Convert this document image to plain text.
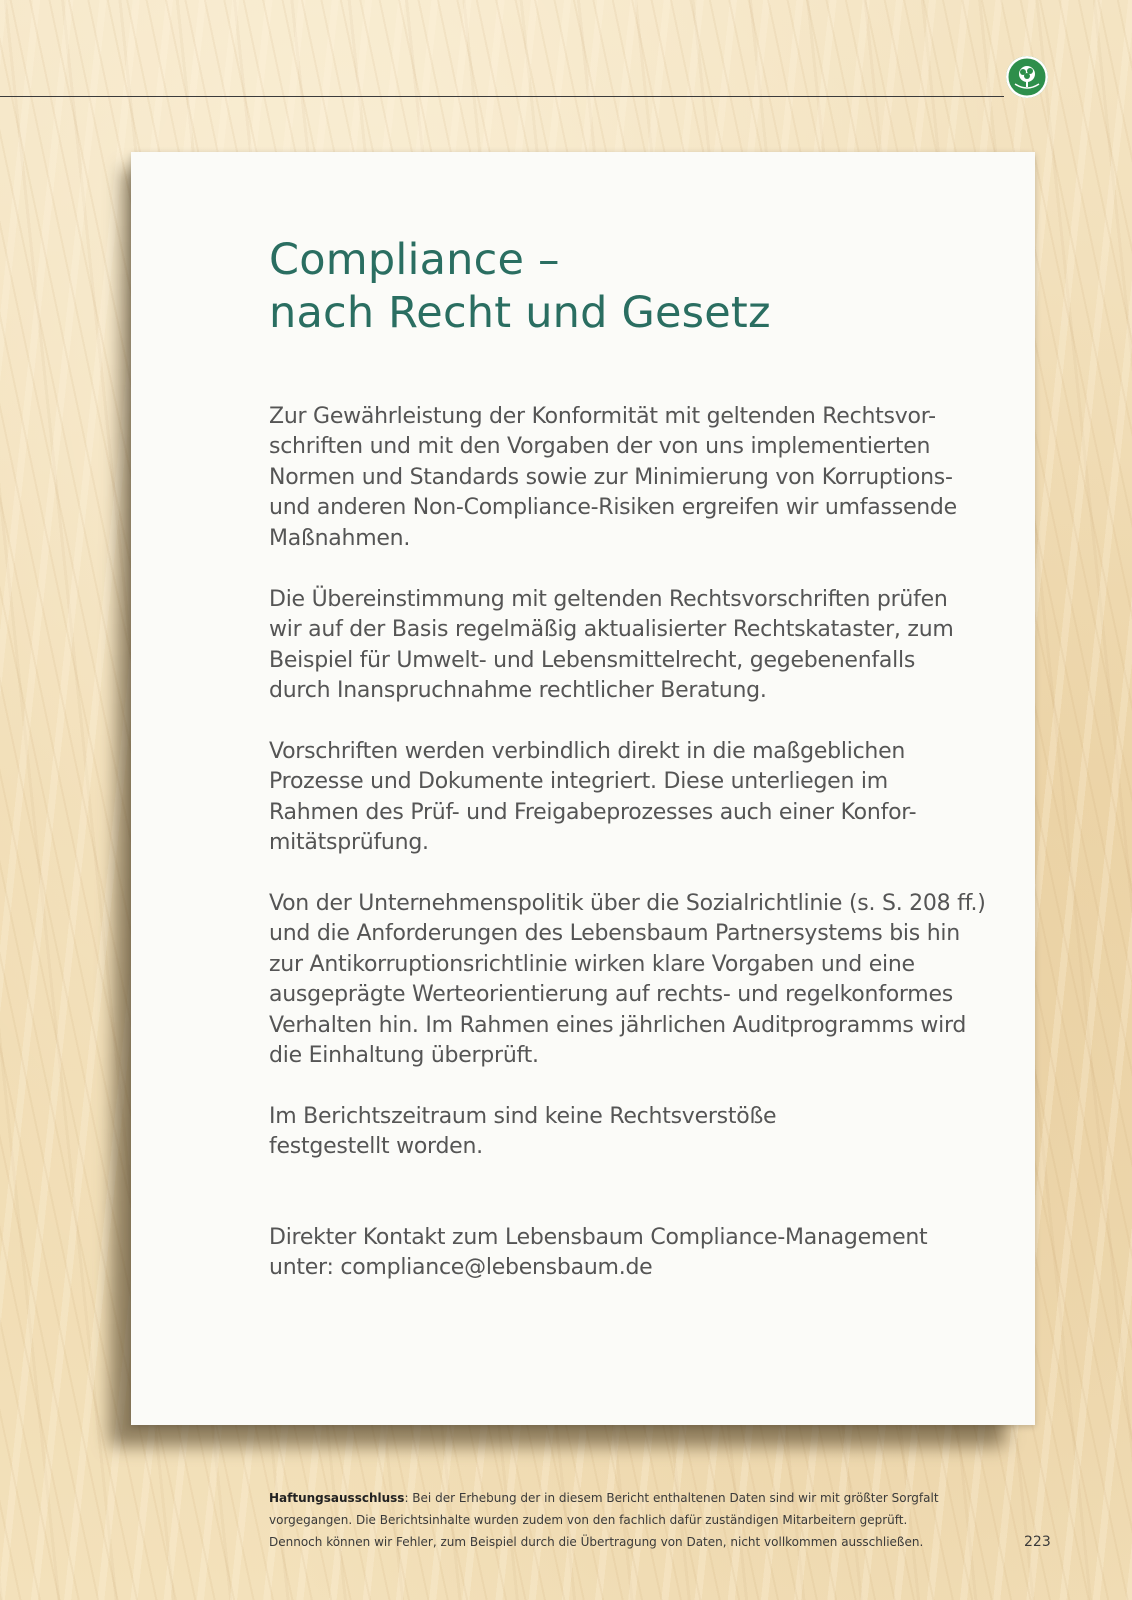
Compliance –
nach Recht und Gesetz

Zur Gewährleistung der Konformität mit geltenden Rechtsvor-
schriften und mit den Vorgaben der von uns implementierten
Normen und Standards sowie zur Minimierung von Korruptions-
und anderen Non-Compliance-Risiken ergreifen wir umfassende
Maßnahmen.

Die Übereinstimmung mit geltenden Rechtsvorschriften prüfen
wir auf der Basis regelmäßig aktualisierter Rechtskataster, zum
Beispiel für Umwelt- und Lebensmittelrecht, gegebenenfalls
durch Inanspruchnahme rechtlicher Beratung.

Vorschriften werden verbindlich direkt in die maßgeblichen
Prozesse und Dokumente integriert. Diese unterliegen im
Rahmen des Prüf- und Freigabeprozesses auch einer Konfor-
mitätsprüfung.

Von der Unternehmenspolitik über die Sozialrichtlinie (s. S. 208 ff.)
und die Anforderungen des Lebensbaum Partnersystems bis hin
zur Antikorruptionsrichtlinie wirken klare Vorgaben und eine
ausgeprägte Werteorientierung auf rechts- und regelkonformes
Verhalten hin. Im Rahmen eines jährlichen Auditprogramms wird
die Einhaltung überprüft.

Im Berichtszeitraum sind keine Rechtsverstöße
festgestellt worden.

Direkter Kontakt zum Lebensbaum Compliance-Management
unter: compliance@lebensbaum.de

Haftungsausschluss: Bei der Erhebung der in diesem Bericht enthaltenen Daten sind wir mit größter Sorgfalt
vorgegangen. Die Berichtsinhalte wurden zudem von den fachlich dafür zuständigen Mitarbeitern geprüft.
Dennoch können wir Fehler, zum Beispiel durch die Übertragung von Daten, nicht vollkommen ausschließen.	223
